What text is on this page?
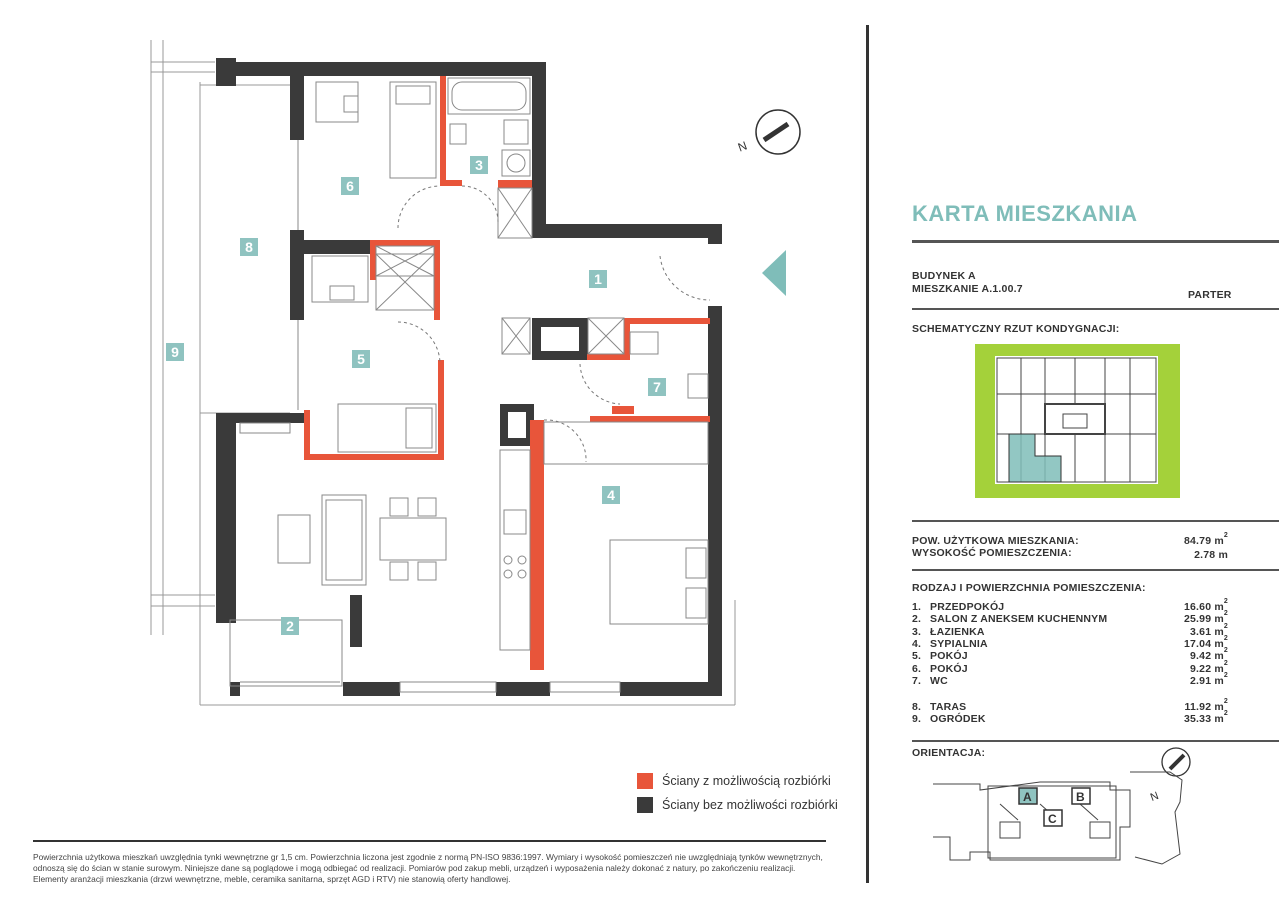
N
1
2
3
4
5
6
7
8
9
Ściany z możliwością rozbiórki
Ściany bez możliwości rozbiórki
Powierzchnia użytkowa mieszkań uwzględnia tynki wewnętrzne gr 1,5 cm. Powierzchnia liczona jest zgodnie z normą PN-ISO 9836:1997. Wymiary i wysokość pomieszczeń nie uwzględniają tynków wewnętrznych, odnoszą się do ścian w stanie surowym. Niniejsze dane są poglądowe i mogą odbiegać od realizacji. Pomiarów pod zakup mebli, urządzeń i wyposażenia należy dokonać z natury, po zakończeniu realizacji. Elementy aranżacji mieszkania (drzwi wewnętrzne, meble, ceramika sanitarna, sprzęt AGD i RTV) nie stanowią oferty handlowej.
KARTA MIESZKANIA
BUDYNEK A
MIESZKANIE A.1.00.7	PARTER
SCHEMATYCZNY RZUT KONDYGNACJI:
POW. UŻYTKOWA MIESZKANIA:	84.79 $m^2$
WYSOKOŚĆ POMIESZCZENIA:	2.78 m
RODZAJ I POWIERZCHNIA POMIESZCZENIA:
1. PRZEDPOKÓJ	16.60 $m^2$
2. SALON Z ANEKSEM KUCHENNYM	25.99 $m^2$
3. ŁAZIENKA	3.61 $m^2$
4. SYPIALNIA	17.04 $m^2$
5. POKÓJ	9.42 $m^2$
6. POKÓJ	9.22 $m^2$
7. WC	2.91 $m^2$
8. TARAS	11.92 $m^2$
9. OGRÓDEK	35.33 $m^2$
ORIENTACJA:
N
A	B
C
